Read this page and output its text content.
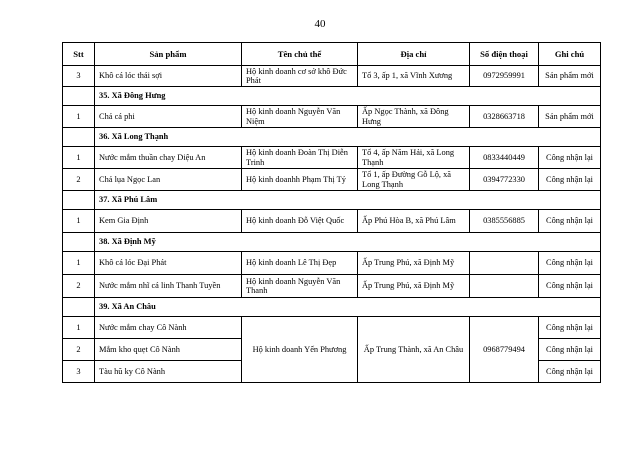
40
Stt	Sản phẩm	Tên chủ thể	Địa chỉ	Số điện thoại	Ghi chú
3	Khô cá lóc thái sợi	Hộ kinh doanh cơ sở khô Đức Phát	Tổ 3, ấp 1, xã Vĩnh Xương	0972959991	Sản phẩm mới
	35. Xã Đông Hưng				
1	Chả cá phi	Hộ kinh doanh Nguyễn Văn Niệm	Ấp Ngọc Thành, xã Đông Hưng	0328663718	Sản phẩm mới
	36. Xã Long Thạnh				
1	Nước mắm thuần chay Diệu An	Hộ kinh doanh Đoàn Thị Diễn Trinh	Tổ 4, ấp Năm Hải, xã Long Thạnh	0833440449	Công nhận lại
2	Chả lụa Ngọc Lan	Hộ kinh doanhh Phạm Thị Tỷ	Tổ 1, ấp Đường Gỗ Lộ, xã Long Thạnh	0394772330	Công nhận lại
	37. Xã Phú Lâm				
1	Kem Gia Định	Hộ kinh doanh Đỗ Việt Quốc	Ấp Phú Hòa B, xã Phú Lâm	0385556885	Công nhận lại
	38. Xã Định Mỹ				
1	Khô cá lóc Đại Phát	Hộ kinh doanh Lê Thị Đẹp	Ấp Trung Phú, xã Định Mỹ		Công nhận lại
2	Nước mắm nhĩ cá linh Thanh Tuyền	Hộ kinh doanh Nguyễn Văn Thanh	Ấp Trung Phú, xã Định Mỹ		Công nhận lại
	39. Xã An Châu				
1	Nước mắm chay Cô Nành	Hộ kinh doanh Yến Phương	Ấp Trung Thành, xã An Châu	0968779494	Công nhận lại
2	Mắm kho quẹt Cô Nành				Công nhận lại
3	Tàu hũ ky Cô Nành				Công nhận lại
